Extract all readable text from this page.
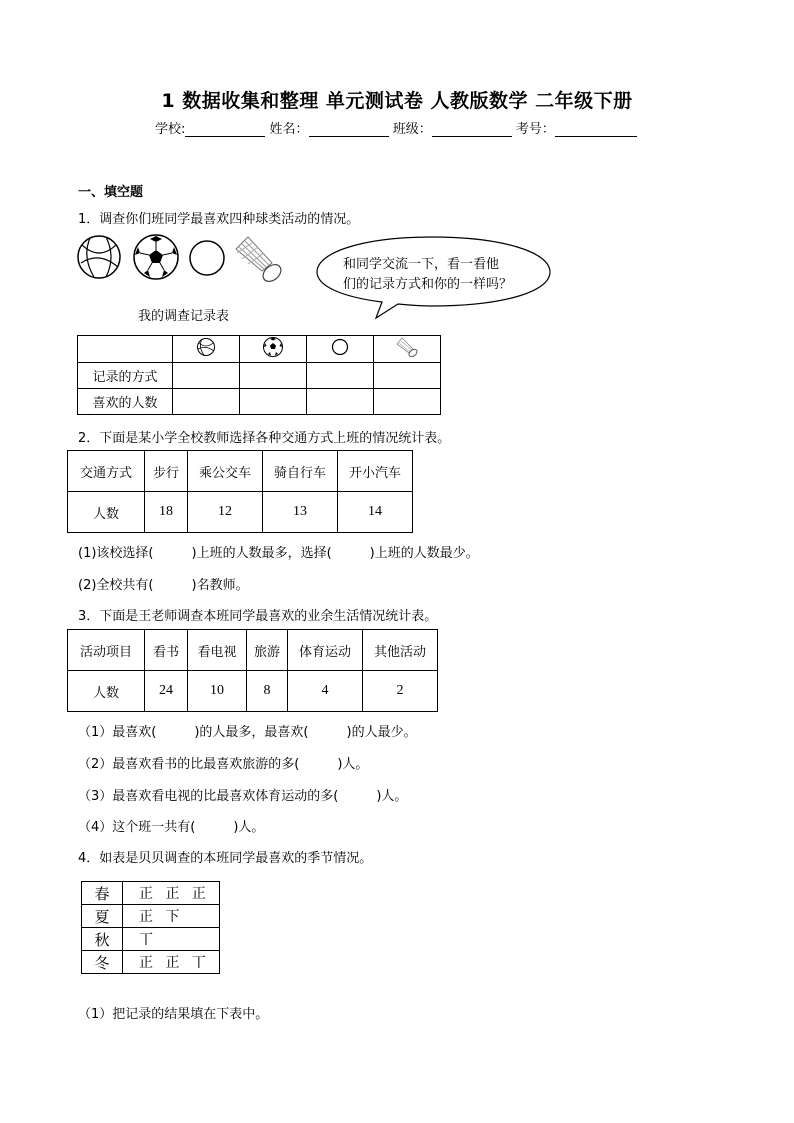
1 数据收集和整理 单元测试卷 人教版数学 二年级下册
学校:	姓名：	班级：	考号：
一、填空题
1．调查你们班同学最喜欢四种球类活动的情况。
和同学交流一下，看一看他
们的记录方式和你的一样吗？
我的调查记录表

记录的方式				
喜欢的人数				
2．下面是某小学全校教师选择各种交通方式上班的情况统计表。
交通方式	步行	乘公交车	骑自行车	开小汽车
人数	18	12	13	14
(1)该校选择(	)上班的人数最多，选择(	)上班的人数最少。
(2)全校共有(	)名教师。
3．下面是王老师调查本班同学最喜欢的业余生活情况统计表。
活动项目	看书	看电视	旅游	体育运动	其他活动
人数	24	10	8	4	2
（1）最喜欢(	)的人最多，最喜欢(	)的人最少。
（2）最喜欢看书的比最喜欢旅游的多(	)人。
（3）最喜欢看电视的比最喜欢体育运动的多(	)人。
（4）这个班一共有(	)人。
4．如表是贝贝调查的本班同学最喜欢的季节情况。
春	正 正 正
夏	正 下
秋	丅
冬	正 正 丅
（1）把记录的结果填在下表中。
